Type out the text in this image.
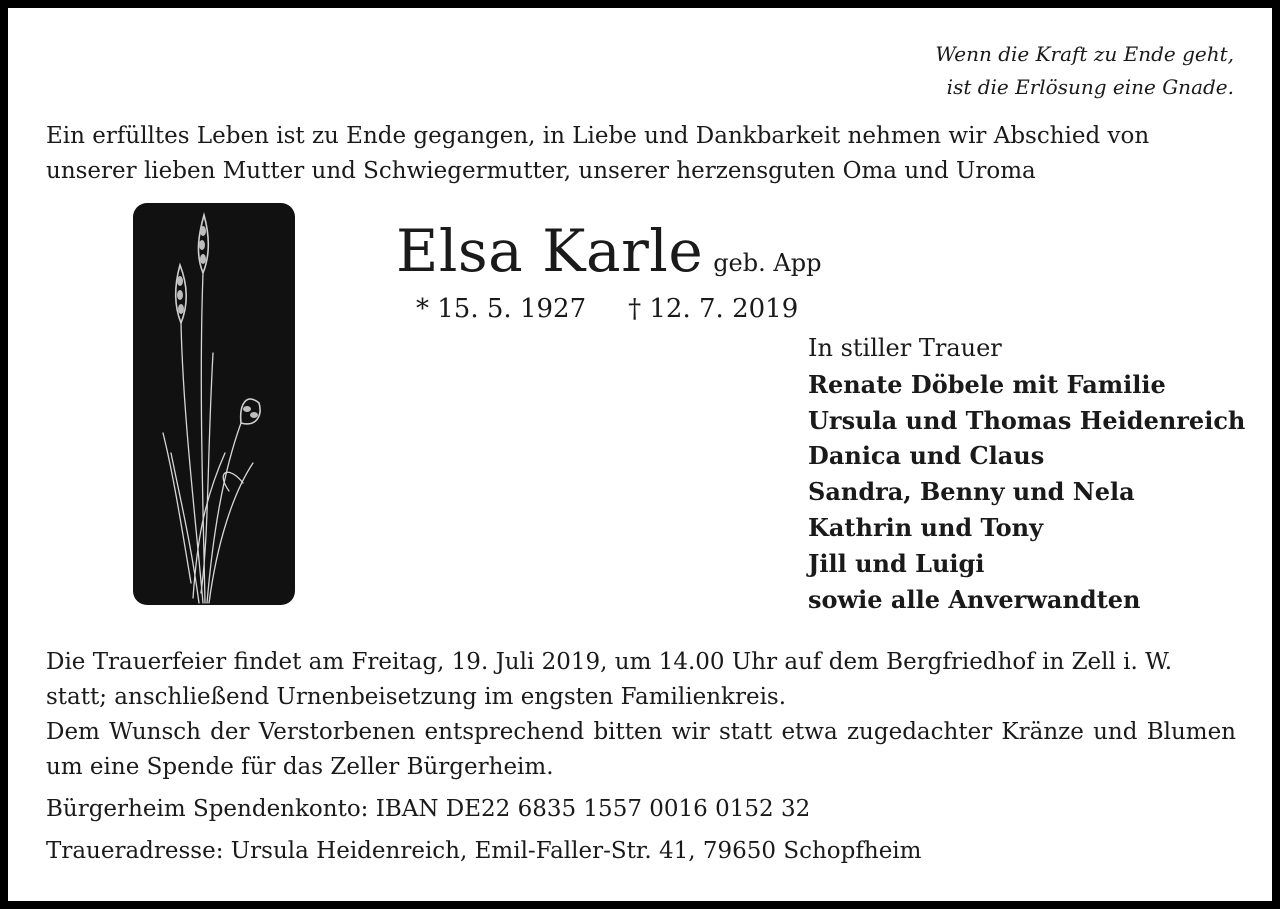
Wenn die Kraft zu Ende geht,
ist die Erlösung eine Gnade.
Ein erfülltes Leben ist zu Ende gegangen, in Liebe und Dankbarkeit nehmen wir Abschied von
unserer lieben Mutter und Schwiegermutter, unserer herzensguten Oma und Uroma
Elsa Karle geb. App
* 15. 5. 1927 † 12. 7. 2019
In stiller Trauer
Renate Döbele mit Familie
Ursula und Thomas Heidenreich
Danica und Claus
Sandra, Benny und Nela
Kathrin und Tony
Jill und Luigi
sowie alle Anverwandten
Die Trauerfeier findet am Freitag, 19. Juli 2019, um 14.00 Uhr auf dem Bergfriedhof in Zell i. W.
statt; anschließend Urnenbeisetzung im engsten Familienkreis.
Dem Wunsch der Verstorbenen entsprechend bitten wir statt etwa zugedachter Kränze und Blumen um eine Spende für das Zeller Bürgerheim.
Bürgerheim Spendenkonto: IBAN DE22 6835 1557 0016 0152 32
Traueradresse: Ursula Heidenreich, Emil-Faller-Str. 41, 79650 Schopfheim
